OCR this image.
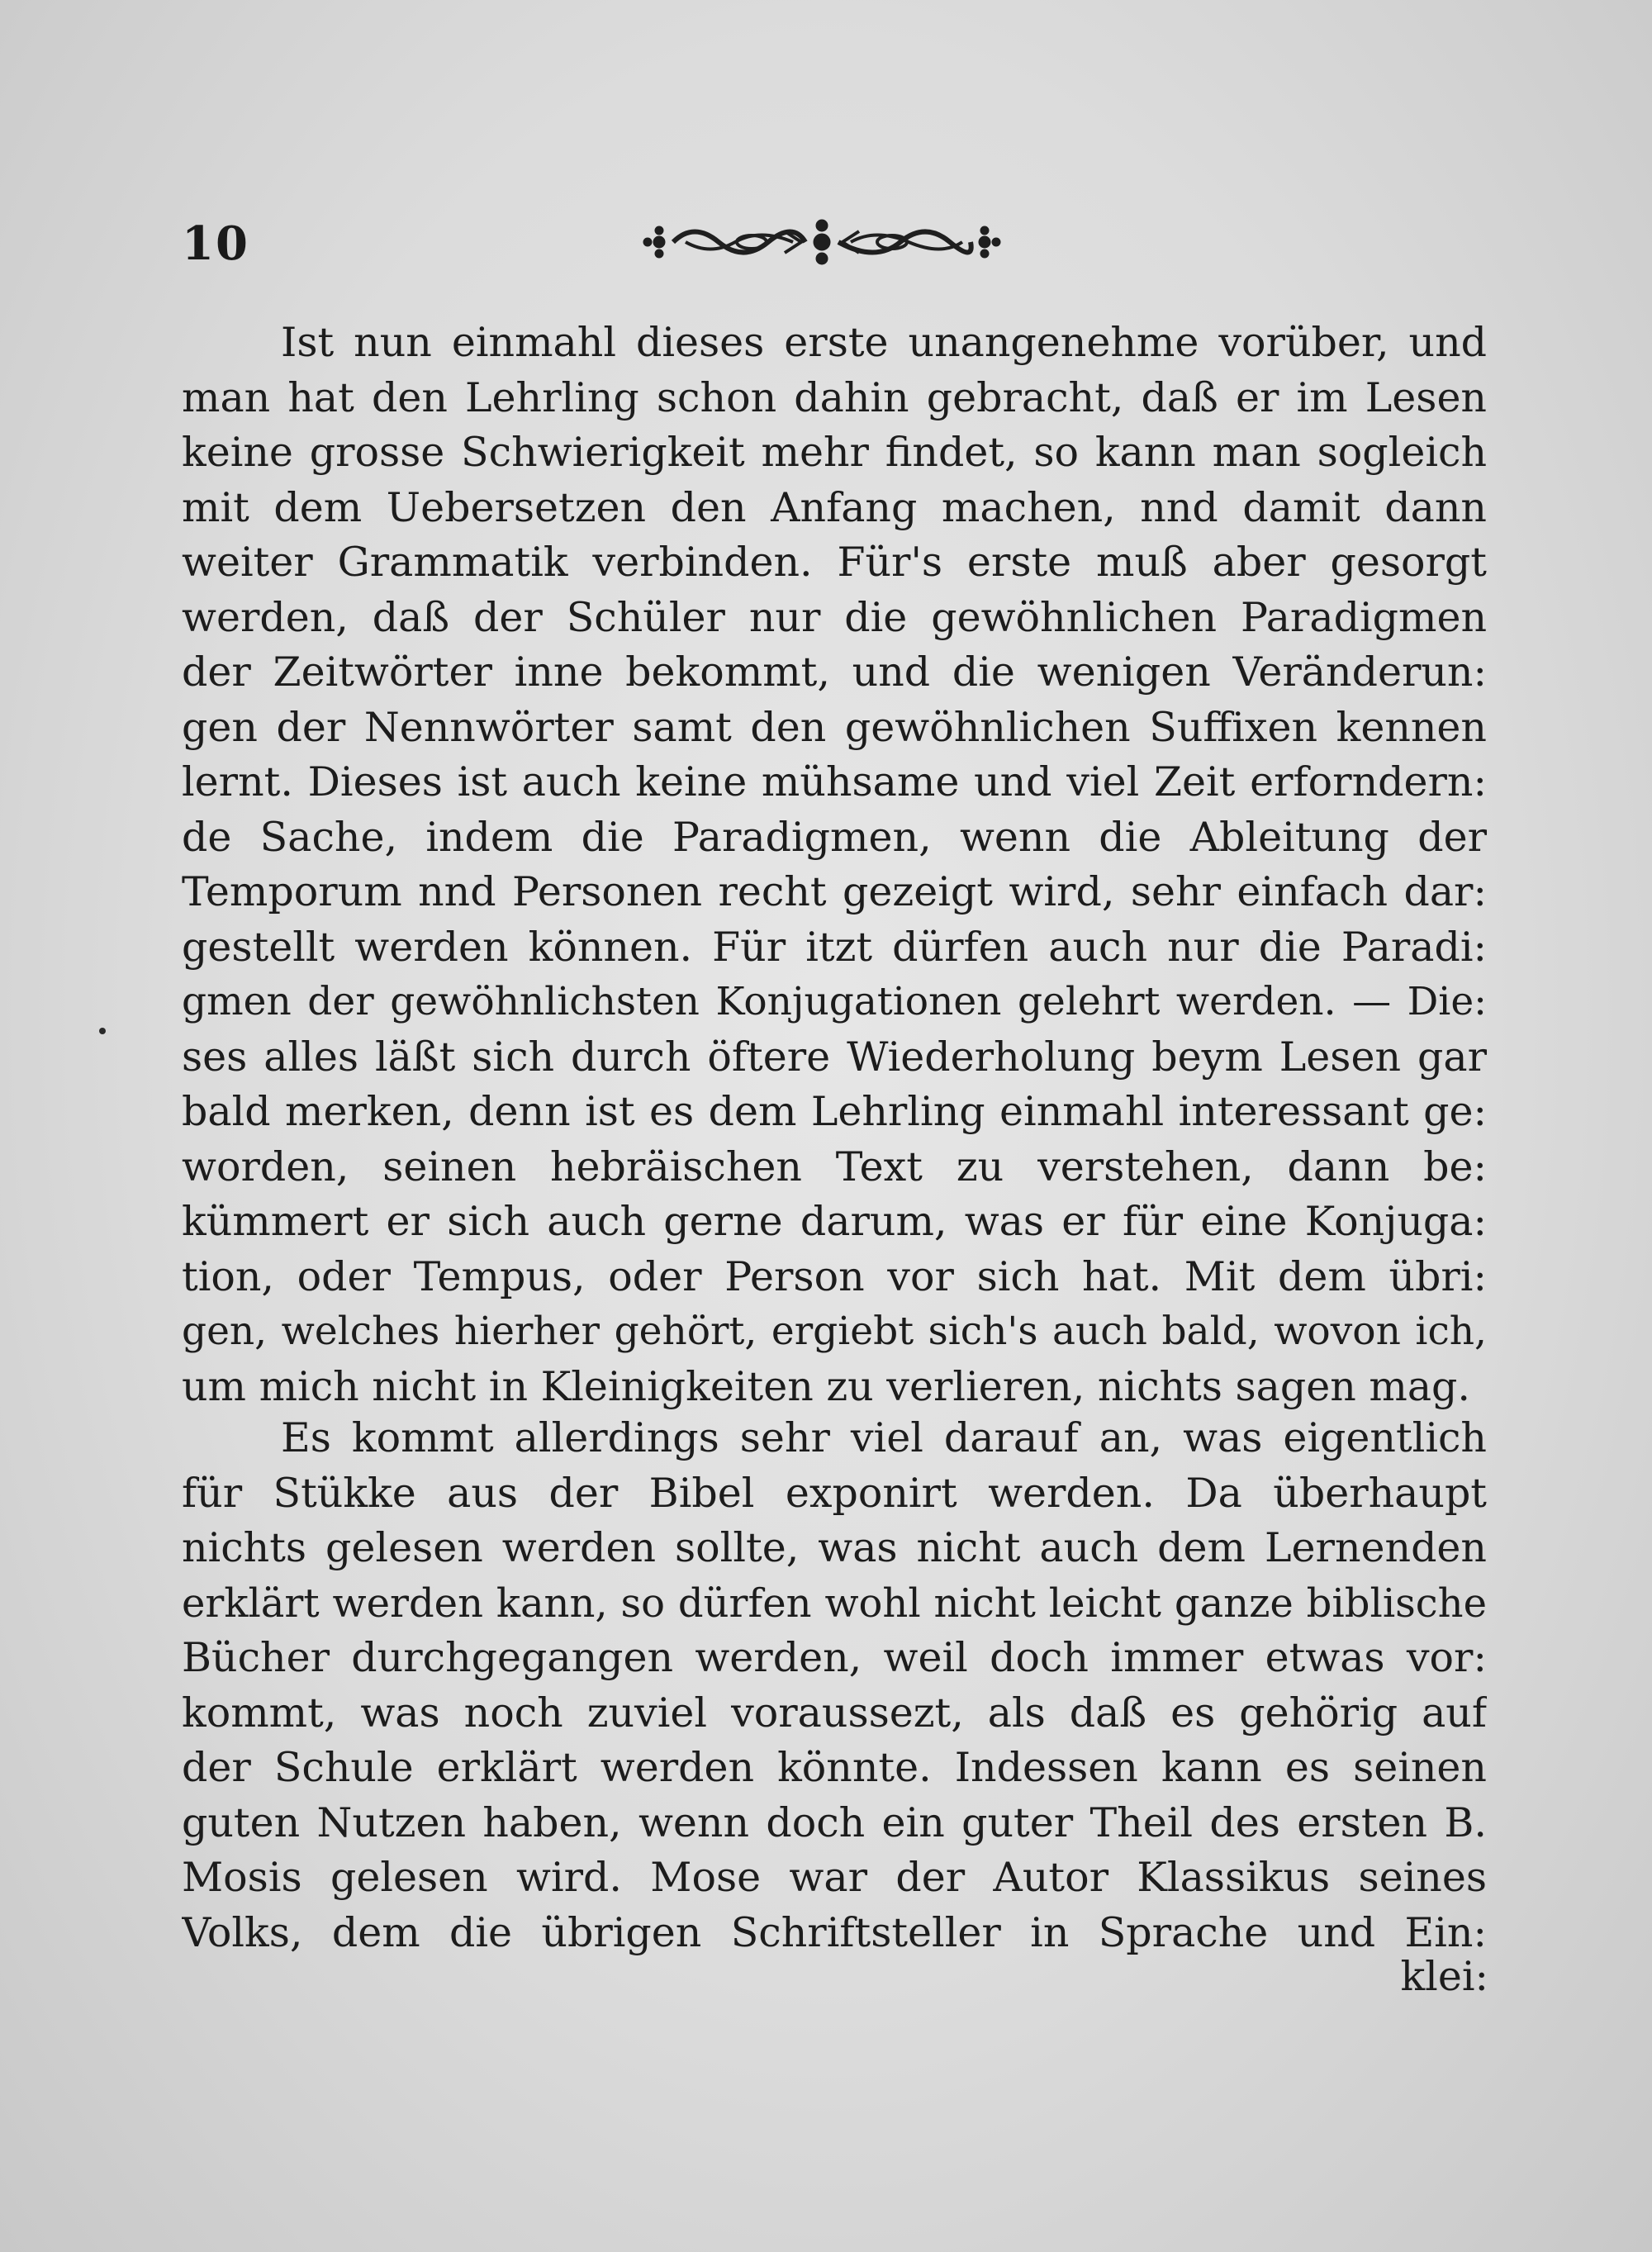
10
Ist nun einmahl dieses erste unangenehme vorüber, und
man hat den Lehrling schon dahin gebracht, daß er im Lesen
keine grosse Schwierigkeit mehr findet, so kann man sogleich
mit dem Uebersetzen den Anfang machen, nnd damit dann
weiter Grammatik verbinden. Für's erste muß aber gesorgt
werden, daß der Schüler nur die gewöhnlichen Paradigmen
der Zeitwörter inne bekommt, und die wenigen Veränderun:
gen der Nennwörter samt den gewöhnlichen Suffixen kennen
lernt. Dieses ist auch keine mühsame und viel Zeit erforndern:
de Sache, indem die Paradigmen, wenn die Ableitung der
Temporum nnd Personen recht gezeigt wird, sehr einfach dar:
gestellt werden können. Für itzt dürfen auch nur die Paradi:
gmen der gewöhnlichsten Konjugationen gelehrt werden. — Die:
ses alles läßt sich durch öftere Wiederholung beym Lesen gar
bald merken, denn ist es dem Lehrling einmahl interessant ge:
worden, seinen hebräischen Text zu verstehen, dann be:
kümmert er sich auch gerne darum, was er für eine Konjuga:
tion, oder Tempus, oder Person vor sich hat. Mit dem übri:
gen, welches hierher gehört, ergiebt sich's auch bald, wovon ich,
um mich nicht in Kleinigkeiten zu verlieren, nichts sagen mag.
Es kommt allerdings sehr viel darauf an, was eigentlich
für Stükke aus der Bibel exponirt werden. Da überhaupt
nichts gelesen werden sollte, was nicht auch dem Lernenden
erklärt werden kann, so dürfen wohl nicht leicht ganze biblische
Bücher durchgegangen werden, weil doch immer etwas vor:
kommt, was noch zuviel voraussezt, als daß es gehörig auf
der Schule erklärt werden könnte. Indessen kann es seinen
guten Nutzen haben, wenn doch ein guter Theil des ersten B.
Mosis gelesen wird. Mose war der Autor Klassikus seines
Volks, dem die übrigen Schriftsteller in Sprache und Ein:
klei:
